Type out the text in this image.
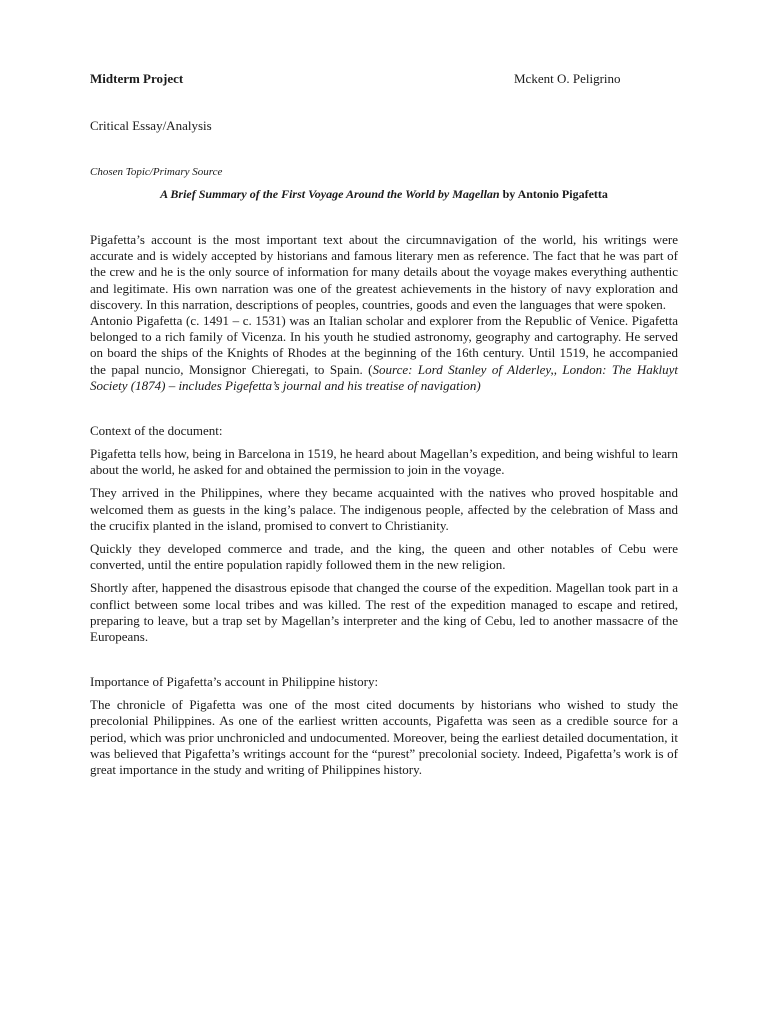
Midterm Project	Mckent O. Peligrino
Critical Essay/Analysis
Chosen Topic/Primary Source
A Brief Summary of the First Voyage Around the World by Magellan by Antonio Pigafetta

Pigafetta’s account is the most important text about the circumnavigation of the world, his writings were accurate and is widely accepted by historians and famous literary men as reference. The fact that he was part of the crew and he is the only source of information for many details about the voyage makes everything authentic and legitimate. His own narration was one of the greatest achievements in the history of navy exploration and discovery. In this narration, descriptions of peoples, countries, goods and even the languages that were spoken.

Antonio Pigafetta (c. 1491 – c. 1531) was an Italian scholar and explorer from the Republic of Venice. Pigafetta belonged to a rich family of Vicenza. In his youth he studied astronomy, geography and cartography. He served on board the ships of the Knights of Rhodes at the beginning of the 16th century. Until 1519, he accompanied the papal nuncio, Monsignor Chieregati, to Spain. (Source: Lord Stanley of Alderley,, London: The Hakluyt Society (1874) – includes Pigefetta’s journal and his treatise of navigation)

Context of the document:

Pigafetta tells how, being in Barcelona in 1519, he heard about Magellan’s expedition, and being wishful to learn about the world, he asked for and obtained the permission to join in the voyage.

They arrived in the Philippines, where they became acquainted with the natives who proved hospitable and welcomed them as guests in the king’s palace. The indigenous people, affected by the celebration of Mass and the crucifix planted in the island, promised to convert to Christianity.

Quickly they developed commerce and trade, and the king, the queen and other notables of Cebu were converted, until the entire population rapidly followed them in the new religion.

Shortly after, happened the disastrous episode that changed the course of the expedition. Magellan took part in a conflict between some local tribes and was killed. The rest of the expedition managed to escape and retired, preparing to leave, but a trap set by Magellan’s interpreter and the king of Cebu, led to another massacre of the Europeans.

Importance of Pigafetta’s account in Philippine history:

The chronicle of Pigafetta was one of the most cited documents by historians who wished to study the precolonial Philippines. As one of the earliest written accounts, Pigafetta was seen as a credible source for a period, which was prior unchronicled and undocumented. Moreover, being the earliest detailed documentation, it was believed that Pigafetta’s writings account for the “purest” precolonial society. Indeed, Pigafetta’s work is of great importance in the study and writing of Philippines history.
